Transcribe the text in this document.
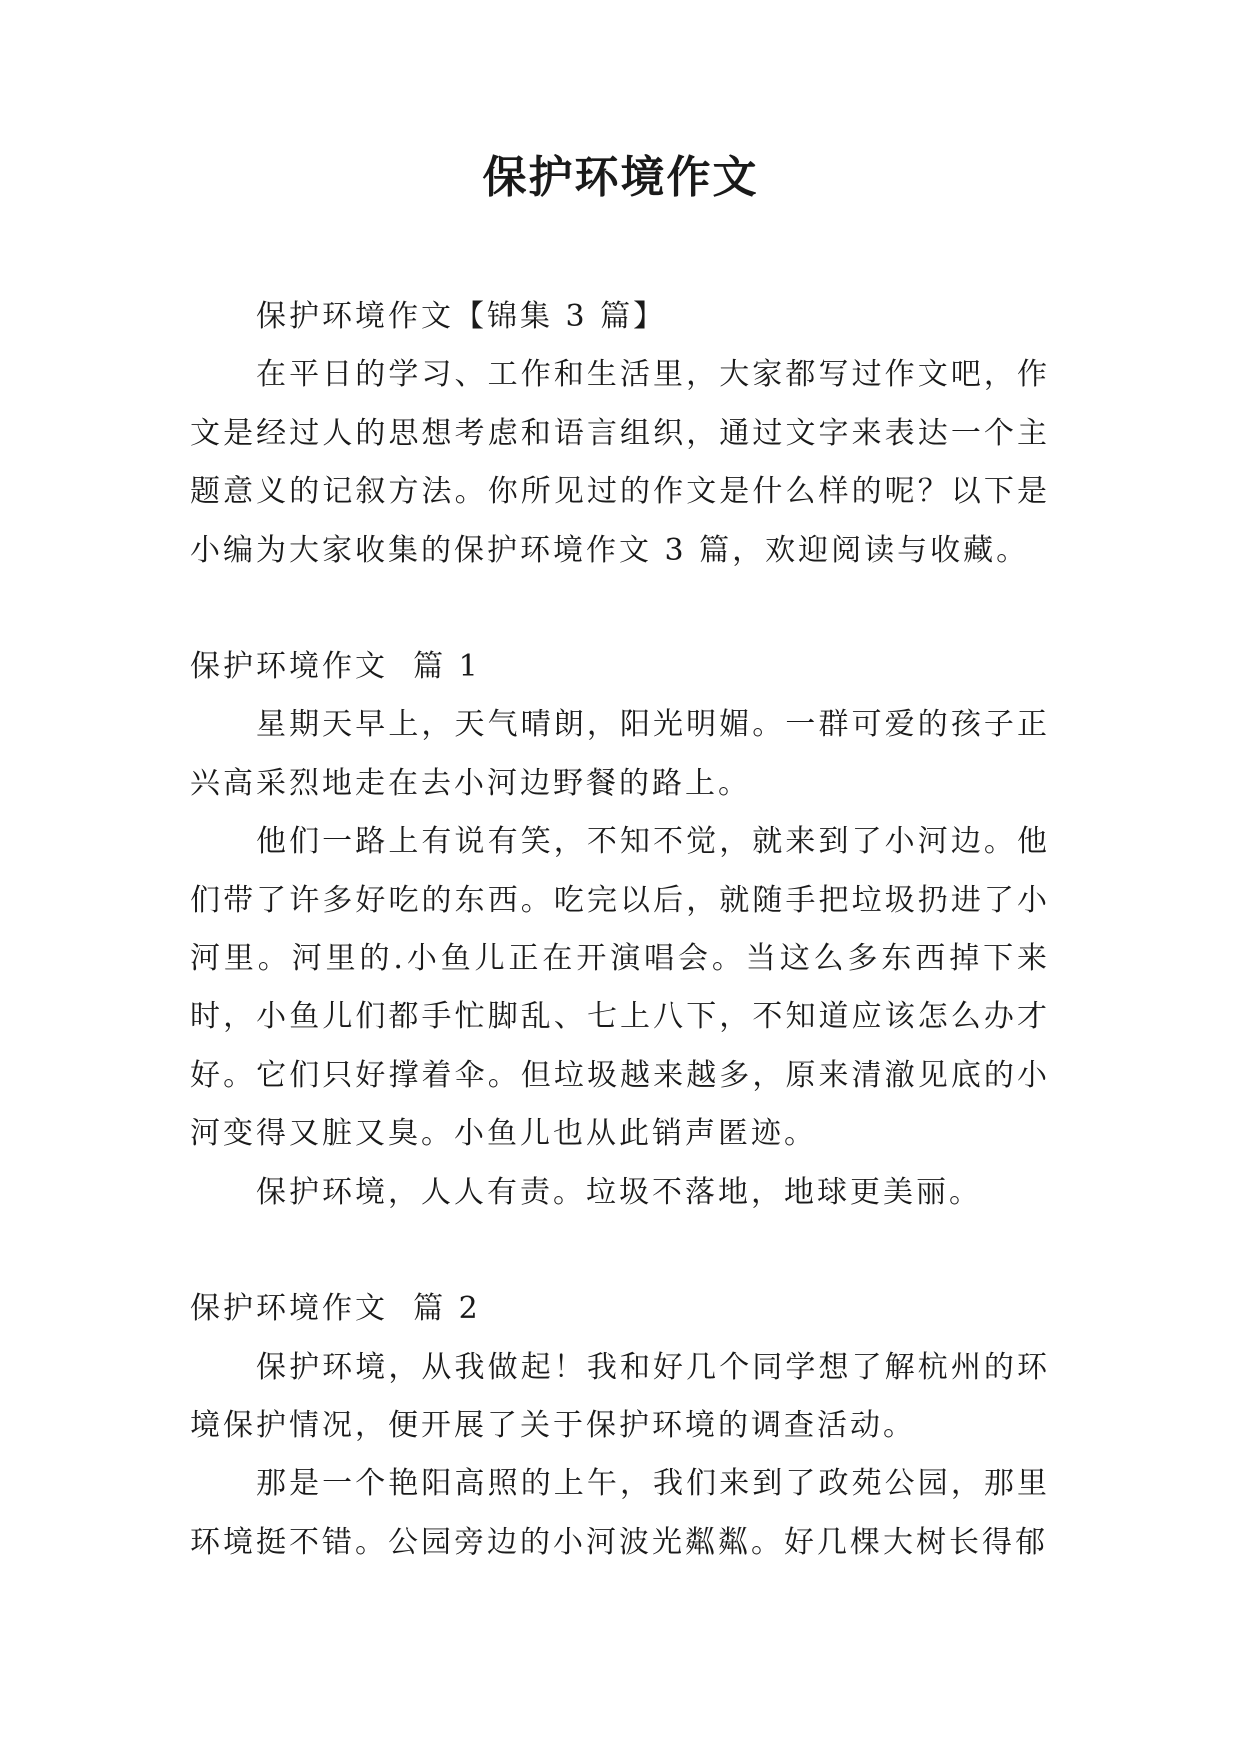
保护环境作文

保护环境作文【锦集 3 篇】

在平日的学习、工作和生活里，大家都写过作文吧，作文是经过人的思想考虑和语言组织，通过文字来表达一个主题意义的记叙方法。你所见过的作文是什么样的呢？以下是小编为大家收集的保护环境作文 3 篇，欢迎阅读与收藏。

保护环境作文  篇 1

星期天早上，天气晴朗，阳光明媚。一群可爱的孩子正兴高采烈地走在去小河边野餐的路上。

他们一路上有说有笑，不知不觉，就来到了小河边。他们带了许多好吃的东西。吃完以后，就随手把垃圾扔进了小河里。河里的.小鱼儿正在开演唱会。当这么多东西掉下来时，小鱼儿们都手忙脚乱、七上八下，不知道应该怎么办才好。它们只好撑着伞。但垃圾越来越多，原来清澈见底的小河变得又脏又臭。小鱼儿也从此销声匿迹。

保护环境，人人有责。垃圾不落地，地球更美丽。

保护环境作文  篇 2

保护环境，从我做起！我和好几个同学想了解杭州的环境保护情况，便开展了关于保护环境的调查活动。

那是一个艳阳高照的上午，我们来到了政苑公园，那里环境挺不错。公园旁边的小河波光粼粼。好几棵大树长得郁
